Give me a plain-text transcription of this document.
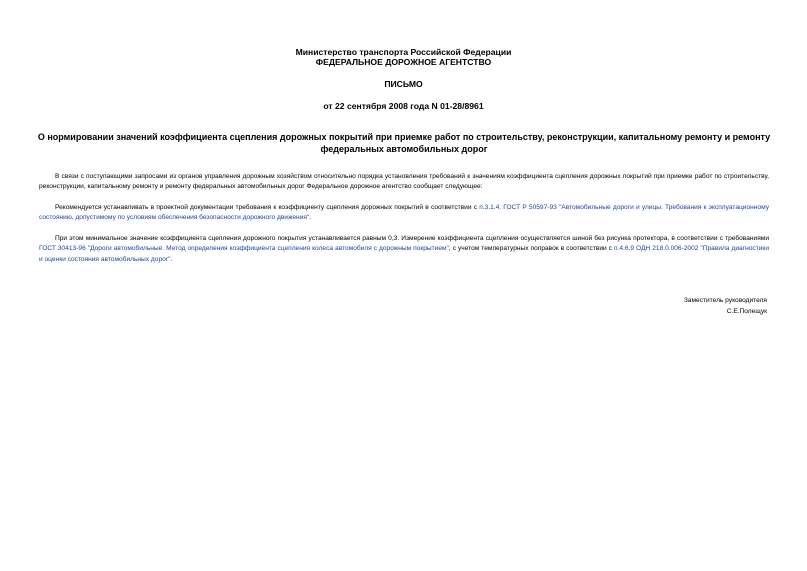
Министерство транспорта Российской Федерации
ФЕДЕРАЛЬНОЕ ДОРОЖНОЕ АГЕНТСТВО
ПИСЬМО
от 22 сентября 2008 года N 01-28/8961
О нормировании значений коэффициента сцепления дорожных покрытий при приемке работ по строительству, реконструкции, капитальному ремонту и ремонту федеральных автомобильных дорог
В связи с поступающими запросами из органов управления дорожным хозяйством относительно порядка установления требований к значениям коэффициента сцепления дорожных покрытий при приемке работ по строительству, реконструкции, капитальному ремонту и ремонту федеральных автомобильных дорог Федеральное дорожное агентство сообщает следующее:
Рекомендуется устанавливать в проектной документации требования к коэффициенту сцепления дорожных покрытий в соответствии с п.3.1.4. ГОСТ Р 50597-93 "Автомобильные дороги и улицы. Требования к эксплуатационному состоянию, допустимому по условиям обеспечения безопасности дорожного движения".
При этом минимальное значение коэффициента сцепления дорожного покрытия устанавливается равным 0,3. Измерение коэффициента сцепления осуществляется шиной без рисунка протектора, в соответствии с требованиями ГОСТ 30413-96 "Дороги автомобильные. Метод определения коэффициента сцепления колеса автомобиля с дорожным покрытием", с учетом температурных поправок в соответствии с п.4.6.9 ОДН 218.0.006-2002 "Правила диагностики и оценки состояния автомобильных дорог".
Заместитель руководителя
С.Е.Полещук
